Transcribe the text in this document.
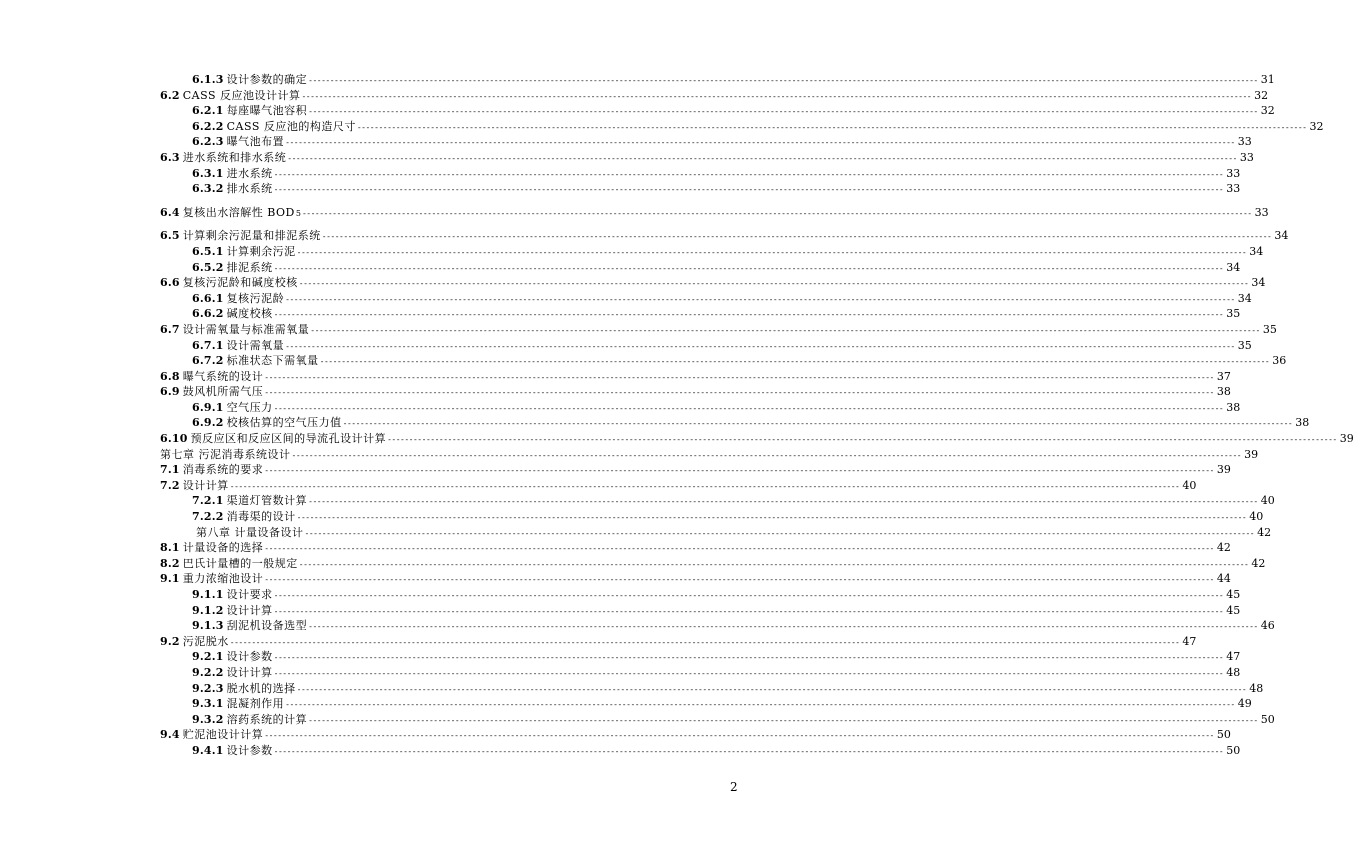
6.1.3 设计参数的确定 ---------------------------------------------------------------------------------------------------------------------------------------------------------------------------------------------------------------------------- 31
6.2 CASS 反应池设计计算 ---------------------------------------------------------------------------------------------------------------------------------------------------------------------------------------------------------------------------- 32
6.2.1 每座曝气池容积 ---------------------------------------------------------------------------------------------------------------------------------------------------------------------------------------------------------------------------- 32
6.2.2 CASS 反应池的构造尺寸 ---------------------------------------------------------------------------------------------------------------------------------------------------------------------------------------------------------------------------- 32
6.2.3 曝气池布置 ---------------------------------------------------------------------------------------------------------------------------------------------------------------------------------------------------------------------------- 33
6.3 进水系统和排水系统 ---------------------------------------------------------------------------------------------------------------------------------------------------------------------------------------------------------------------------- 33
6.3.1 进水系统 ---------------------------------------------------------------------------------------------------------------------------------------------------------------------------------------------------------------------------- 33
6.3.2 排水系统 ---------------------------------------------------------------------------------------------------------------------------------------------------------------------------------------------------------------------------- 33
6.4 复核出水溶解性 BOD 5 ---------------------------------------------------------------------------------------------------------------------------------------------------------------------------------------------------------------------------- 33
6.5 计算剩余污泥量和排泥系统 ---------------------------------------------------------------------------------------------------------------------------------------------------------------------------------------------------------------------------- 34
6.5.1 计算剩余污泥 ---------------------------------------------------------------------------------------------------------------------------------------------------------------------------------------------------------------------------- 34
6.5.2 排泥系统 ---------------------------------------------------------------------------------------------------------------------------------------------------------------------------------------------------------------------------- 34
6.6 复核污泥龄和碱度校核 ---------------------------------------------------------------------------------------------------------------------------------------------------------------------------------------------------------------------------- 34
6.6.1 复核污泥龄 ---------------------------------------------------------------------------------------------------------------------------------------------------------------------------------------------------------------------------- 34
6.6.2 碱度校核 ---------------------------------------------------------------------------------------------------------------------------------------------------------------------------------------------------------------------------- 35
6.7 设计需氧量与标准需氧量 ---------------------------------------------------------------------------------------------------------------------------------------------------------------------------------------------------------------------------- 35
6.7.1 设计需氧量 ---------------------------------------------------------------------------------------------------------------------------------------------------------------------------------------------------------------------------- 35
6.7.2 标准状态下需氧量 ---------------------------------------------------------------------------------------------------------------------------------------------------------------------------------------------------------------------------- 36
6.8 曝气系统的设计 ---------------------------------------------------------------------------------------------------------------------------------------------------------------------------------------------------------------------------- 37
6.9 鼓风机所需气压 ---------------------------------------------------------------------------------------------------------------------------------------------------------------------------------------------------------------------------- 38
6.9.1 空气压力 ---------------------------------------------------------------------------------------------------------------------------------------------------------------------------------------------------------------------------- 38
6.9.2 校核估算的空气压力值 ---------------------------------------------------------------------------------------------------------------------------------------------------------------------------------------------------------------------------- 38
6.10 预反应区和反应区间的导流孔设计计算 ---------------------------------------------------------------------------------------------------------------------------------------------------------------------------------------------------------------------------- 39
第七章 污泥消毒系统设计 ---------------------------------------------------------------------------------------------------------------------------------------------------------------------------------------------------------------------------- 39
7.1 消毒系统的要求 ---------------------------------------------------------------------------------------------------------------------------------------------------------------------------------------------------------------------------- 39
7.2 设计计算 ---------------------------------------------------------------------------------------------------------------------------------------------------------------------------------------------------------------------------- 40
7.2.1 渠道灯管数计算 ---------------------------------------------------------------------------------------------------------------------------------------------------------------------------------------------------------------------------- 40
7.2.2 消毒渠的设计 ---------------------------------------------------------------------------------------------------------------------------------------------------------------------------------------------------------------------------- 40
第八章 计量设备设计 ---------------------------------------------------------------------------------------------------------------------------------------------------------------------------------------------------------------------------- 42
8.1 计量设备的选择 ---------------------------------------------------------------------------------------------------------------------------------------------------------------------------------------------------------------------------- 42
8.2 巴氏计量槽的一般规定 ---------------------------------------------------------------------------------------------------------------------------------------------------------------------------------------------------------------------------- 42
9.1 重力浓缩池设计 ---------------------------------------------------------------------------------------------------------------------------------------------------------------------------------------------------------------------------- 44
9.1.1 设计要求 ---------------------------------------------------------------------------------------------------------------------------------------------------------------------------------------------------------------------------- 45
9.1.2 设计计算 ---------------------------------------------------------------------------------------------------------------------------------------------------------------------------------------------------------------------------- 45
9.1.3 刮泥机设备选型 ---------------------------------------------------------------------------------------------------------------------------------------------------------------------------------------------------------------------------- 46
9.2 污泥脱水 ---------------------------------------------------------------------------------------------------------------------------------------------------------------------------------------------------------------------------- 47
9.2.1 设计参数 ---------------------------------------------------------------------------------------------------------------------------------------------------------------------------------------------------------------------------- 47
9.2.2 设计计算 ---------------------------------------------------------------------------------------------------------------------------------------------------------------------------------------------------------------------------- 48
9.2.3 脱水机的选择 ---------------------------------------------------------------------------------------------------------------------------------------------------------------------------------------------------------------------------- 48
9.3.1 混凝剂作用 ---------------------------------------------------------------------------------------------------------------------------------------------------------------------------------------------------------------------------- 49
9.3.2 溶药系统的计算 ---------------------------------------------------------------------------------------------------------------------------------------------------------------------------------------------------------------------------- 50
9.4 贮泥池设计计算 ---------------------------------------------------------------------------------------------------------------------------------------------------------------------------------------------------------------------------- 50
9.4.1 设计参数 ---------------------------------------------------------------------------------------------------------------------------------------------------------------------------------------------------------------------------- 50
2
